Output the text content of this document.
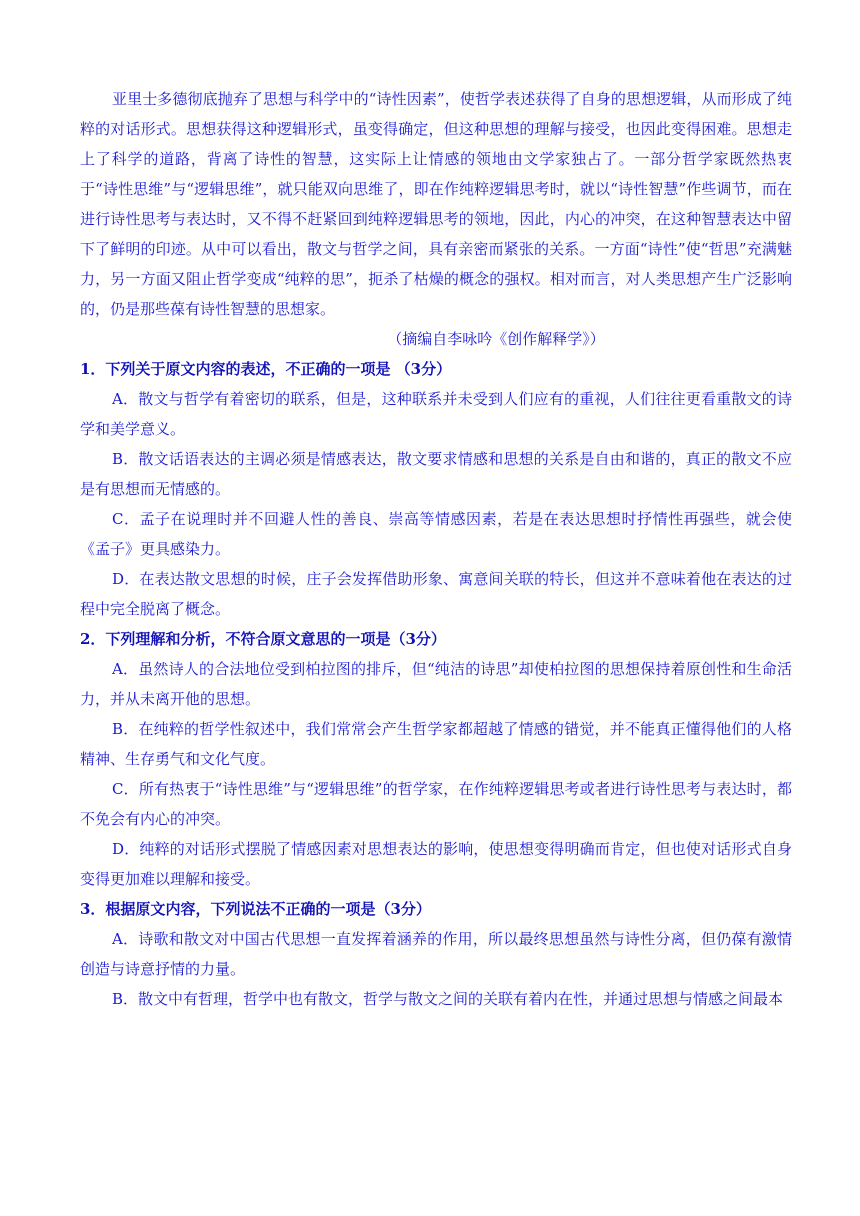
亚里士多德彻底抛弃了思想与科学中的“诗性因素”，使哲学表述获得了自身的思想逻辑，从而形成了纯粹的对话形式。思想获得这种逻辑形式，虽变得确定，但这种思想的理解与接受，也因此变得困难。思想走上了科学的道路，背离了诗性的智慧，这实际上让情感的领地由文学家独占了。一部分哲学家既然热衷于“诗性思维”与“逻辑思维”，就只能双向思维了，即在作纯粹逻辑思考时，就以“诗性智慧”作些调节，而在进行诗性思考与表达时，又不得不赶紧回到纯粹逻辑思考的领地，因此，内心的冲突，在这种智慧表达中留下了鲜明的印迹。从中可以看出，散文与哲学之间，具有亲密而紧张的关系。一方面“诗性”使“哲思”充满魅力，另一方面又阻止哲学变成“纯粹的思”，扼杀了枯燥的概念的强权。相对而言，对人类思想产生广泛影响的，仍是那些葆有诗性智慧的思想家。

（摘编自李咏吟《创作解释学》）

1．下列关于原文内容的表述，不正确的一项是 （3分）

A．散文与哲学有着密切的联系，但是，这种联系并未受到人们应有的重视，人们往往更看重散文的诗学和美学意义。

B．散文话语表达的主调必须是情感表达，散文要求情感和思想的关系是自由和谐的，真正的散文不应是有思想而无情感的。

C．孟子在说理时并不回避人性的善良、崇高等情感因素，若是在表达思想时抒情性再强些，就会使《孟子》更具感染力。

D．在表达散文思想的时候，庄子会发挥借助形象、寓意间关联的特长，但这并不意味着他在表达的过程中完全脱离了概念。

2．下列理解和分析，不符合原文意思的一项是（3分）

A．虽然诗人的合法地位受到柏拉图的排斥，但“纯洁的诗思”却使柏拉图的思想保持着原创性和生命活力，并从未离开他的思想。

B．在纯粹的哲学性叙述中，我们常常会产生哲学家都超越了情感的错觉，并不能真正懂得他们的人格精神、生存勇气和文化气度。

C．所有热衷于“诗性思维”与“逻辑思维”的哲学家，在作纯粹逻辑思考或者进行诗性思考与表达时，都不免会有内心的冲突。

D．纯粹的对话形式摆脱了情感因素对思想表达的影响，使思想变得明确而肯定，但也使对话形式自身变得更加难以理解和接受。

3．根据原文内容，下列说法不正确的一项是（3分）

A．诗歌和散文对中国古代思想一直发挥着涵养的作用，所以最终思想虽然与诗性分离，但仍葆有激情创造与诗意抒情的力量。

B．散文中有哲理，哲学中也有散文，哲学与散文之间的关联有着内在性，并通过思想与情感之间最本
